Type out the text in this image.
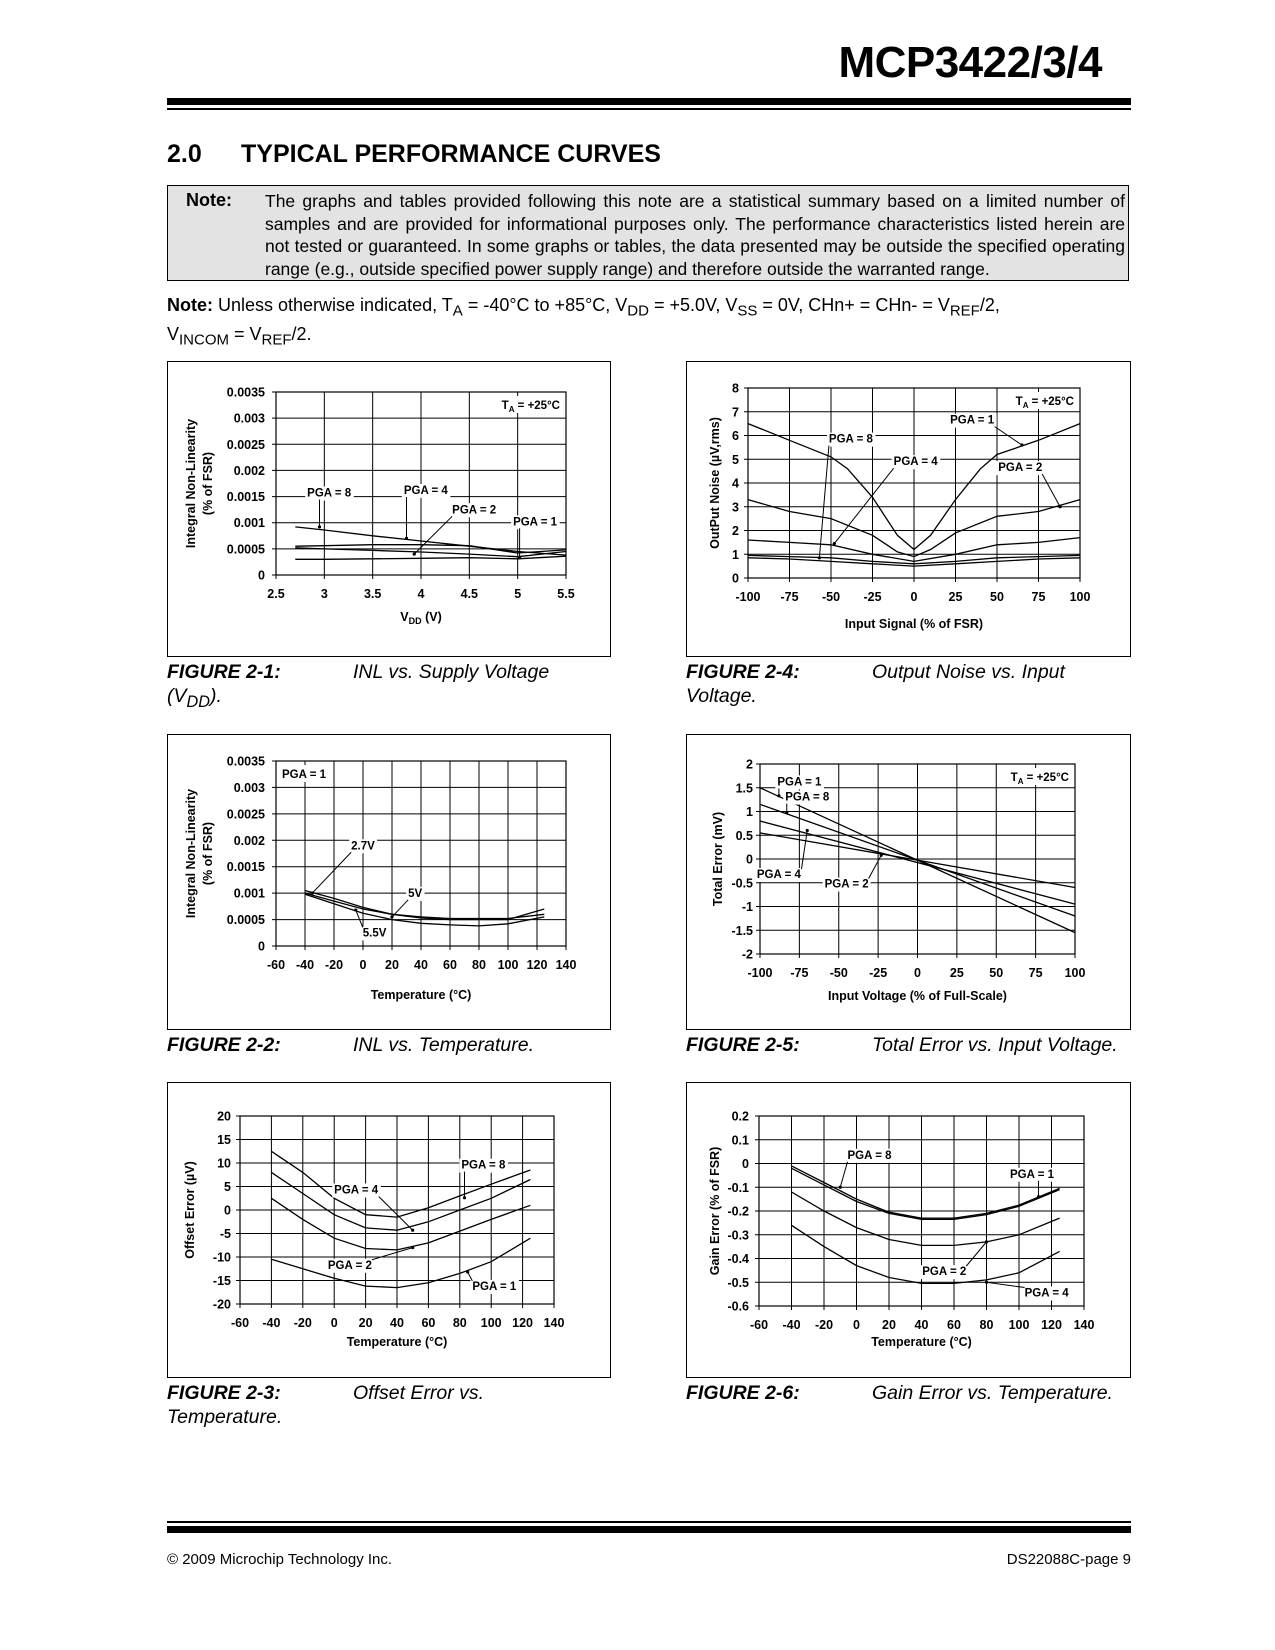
MCP3422/3/4
2.0 TYPICAL PERFORMANCE CURVES
Note: The graphs and tables provided following this note are a statistical summary based on a limited number of samples and are provided for informational purposes only. The performance characteristics listed herein are not tested or guaranteed. In some graphs or tables, the data presented may be outside the specified operating range (e.g., outside specified power supply range) and therefore outside the warranted range.
Note: Unless otherwise indicated, $T_A = -40^\circ C$ to +85°C, $V_{DD} = +5.0V$, $V_{SS} = 0V$, $CHn+ = CHn- = V_{REF}/2$,
$V_{INCOM} = V_{REF}/2$.
2.5	3	3.5	4	4.5	5	5.5
0
0.0005
0.001
0.0015
0.002
0.0025
0.003
0.0035
$V_{DD}$ (V)
Integral Non-Linearity (% of FSR)
$T_A = +25^\circ C$
PGA = 8	PGA = 4
PGA = 2
PGA = 1
-100 -75 -50 -25 0 25 50 75 100
0
1
2
3
4
5
6
7
8
Input Signal (% of FSR)
OutPut Noise (µV,rms)
$T_A = +25^\circ C$
PGA = 1
PGA = 8
PGA = 4	PGA = 2
-60 -40 -20 0 20 40 60 80 100 120 140
0
0.0005
0.001
0.0015
0.002
0.0025
0.003
0.0035
Temperature (°C)
Integral Non-Linearity (% of FSR)
PGA = 1
2.7V
5V
5.5V
-100 -75 -50 -25 0 25 50 75 100
-2
-1.5
-1
-0.5
0
0.5
1
1.5
2
Input Voltage (% of Full-Scale)
Total Error (mV)
$T_A = +25^\circ C$
PGA = 1
PGA = 8
PGA = 4
PGA = 2
-60 -40 -20 0 20 40 60 80 100 120 140
-20
-15
-10
-5
0
5
10
15
20
Temperature (°C)
Offset Error (µV)	PGA = 8
PGA = 4
PGA = 2
PGA = 1
-60 -40 -20 0 20 40 60 80 100 120 140
-0.6
-0.5
-0.4
-0.3
-0.2
-0.1
0
0.1
0.2
Temperature (°C)
Gain Error (% of FSR)	PGA = 8
PGA = 1
PGA = 2
PGA = 4
FIGURE 2-1:	INL vs. Supply Voltage
$(V_{DD})$.
FIGURE 2-4:	Output Noise vs. Input
Voltage.
FIGURE 2-2:	INL vs. Temperature.	FIGURE 2-5:	Total Error vs. Input Voltage.
FIGURE 2-3:	Offset Error vs.
Temperature.
FIGURE 2-6:	Gain Error vs. Temperature.
© 2009 Microchip Technology Inc.	DS22088C-page 9
